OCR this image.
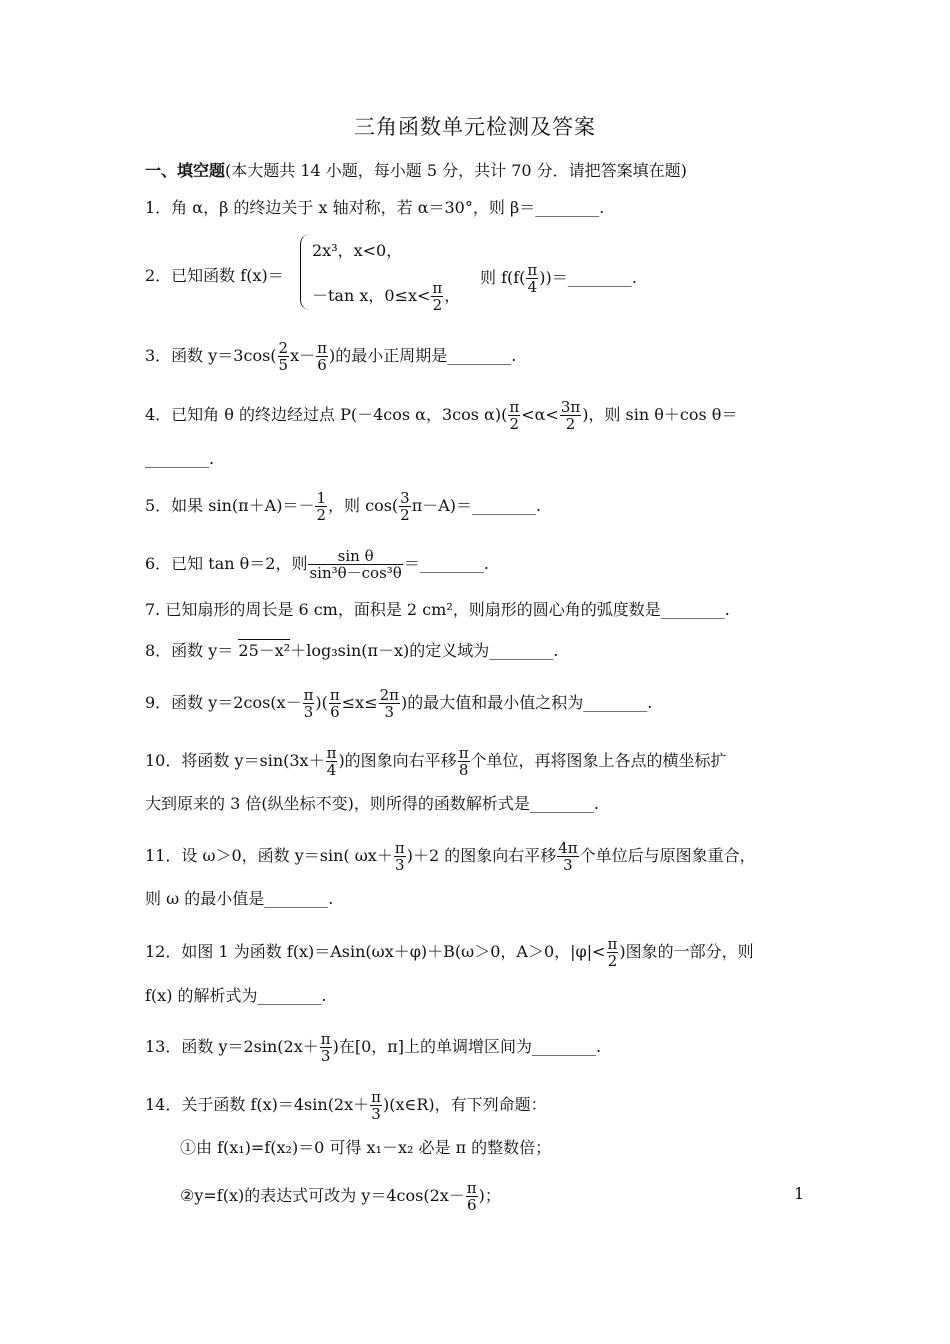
三角函数单元检测及答案
一、填空题(本大题共 14 小题，每小题 5 分，共计 70 分．请把答案填在题)
1．角 α，β 的终边关于 x 轴对称，若 α＝30°，则 β＝________.
2．已知函数 f(x)＝
2x³，x<0，
－tan x，$0\le x< \frac{\pi}{2}$ ，
则 $f(f( \frac{\pi}{4}$ ))＝________.
3．函数 $y=3\cos( \frac{2}{5} x- \frac{\pi}{6}$ )的最小正周期是________.
4．已知角 θ 的终边经过点 P(－4cos α，3cos $\alpha)( \frac{\pi}{2} <\alpha< \frac{3\pi}{2}$ )，则 sin θ＋cos θ＝
________.
5．如果 $\sin(\pi+A)=- \frac{1}{2}$ ，则 $\cos( \frac{3}{2}$ π－A)＝________.
6．已知 tan θ＝2，则 $\frac{\text{sin θ}}{\text{sin³θ－cos³θ}}$ ＝________.
7. 已知扇形的周长是 6 cm，面积是 2 cm²，则扇形的圆心角的弧度数是________.
8．函数 y＝ 25－x²＋log₃sin(π－x)的定义域为________.
9．函数 $y=2\cos(x- \frac{\pi}{3}$ )( $\frac{\pi}{6} \le x\le \frac{2\pi}{3}$ )的最大值和最小值之积为________.
10．将函数 $y=\sin(3x+ \frac{\pi}{4}$ )的图象向右平移 $\frac{\pi}{8}$ 个单位，再将图象上各点的横坐标扩
大到原来的 3 倍(纵坐标不变)，则所得的函数解析式是________.
11．设 ω＞0，函数 y＝sin( $\omega x+ \frac{\pi}{3} )+2$ 的图象向右平移 $\frac{4\pi}{3}$ 个单位后与原图象重合，
则 ω 的最小值是________.
12．如图 1 为函数 f(x)＝Asin(ωx＋φ)＋B(ω＞0，A＞0，$|\varphi|< \frac{\pi}{2}$ )图象的一部分，则
f(x) 的解析式为________.
13．函数 $y=2\sin(2x+ \frac{\pi}{3}$ )在[0，π]上的单调增区间为________.
14．关于函数 $f(x)=4\sin(2x+ \frac{\pi}{3}$ )(x∈R)，有下列命题：
①由 f(x₁)=f(x₂)＝0 可得 x₁－x₂ 必是 π 的整数倍；
②y=f(x)的表达式可改为 $y=4\cos(2x- \frac{\pi}{6}$ )；	1
